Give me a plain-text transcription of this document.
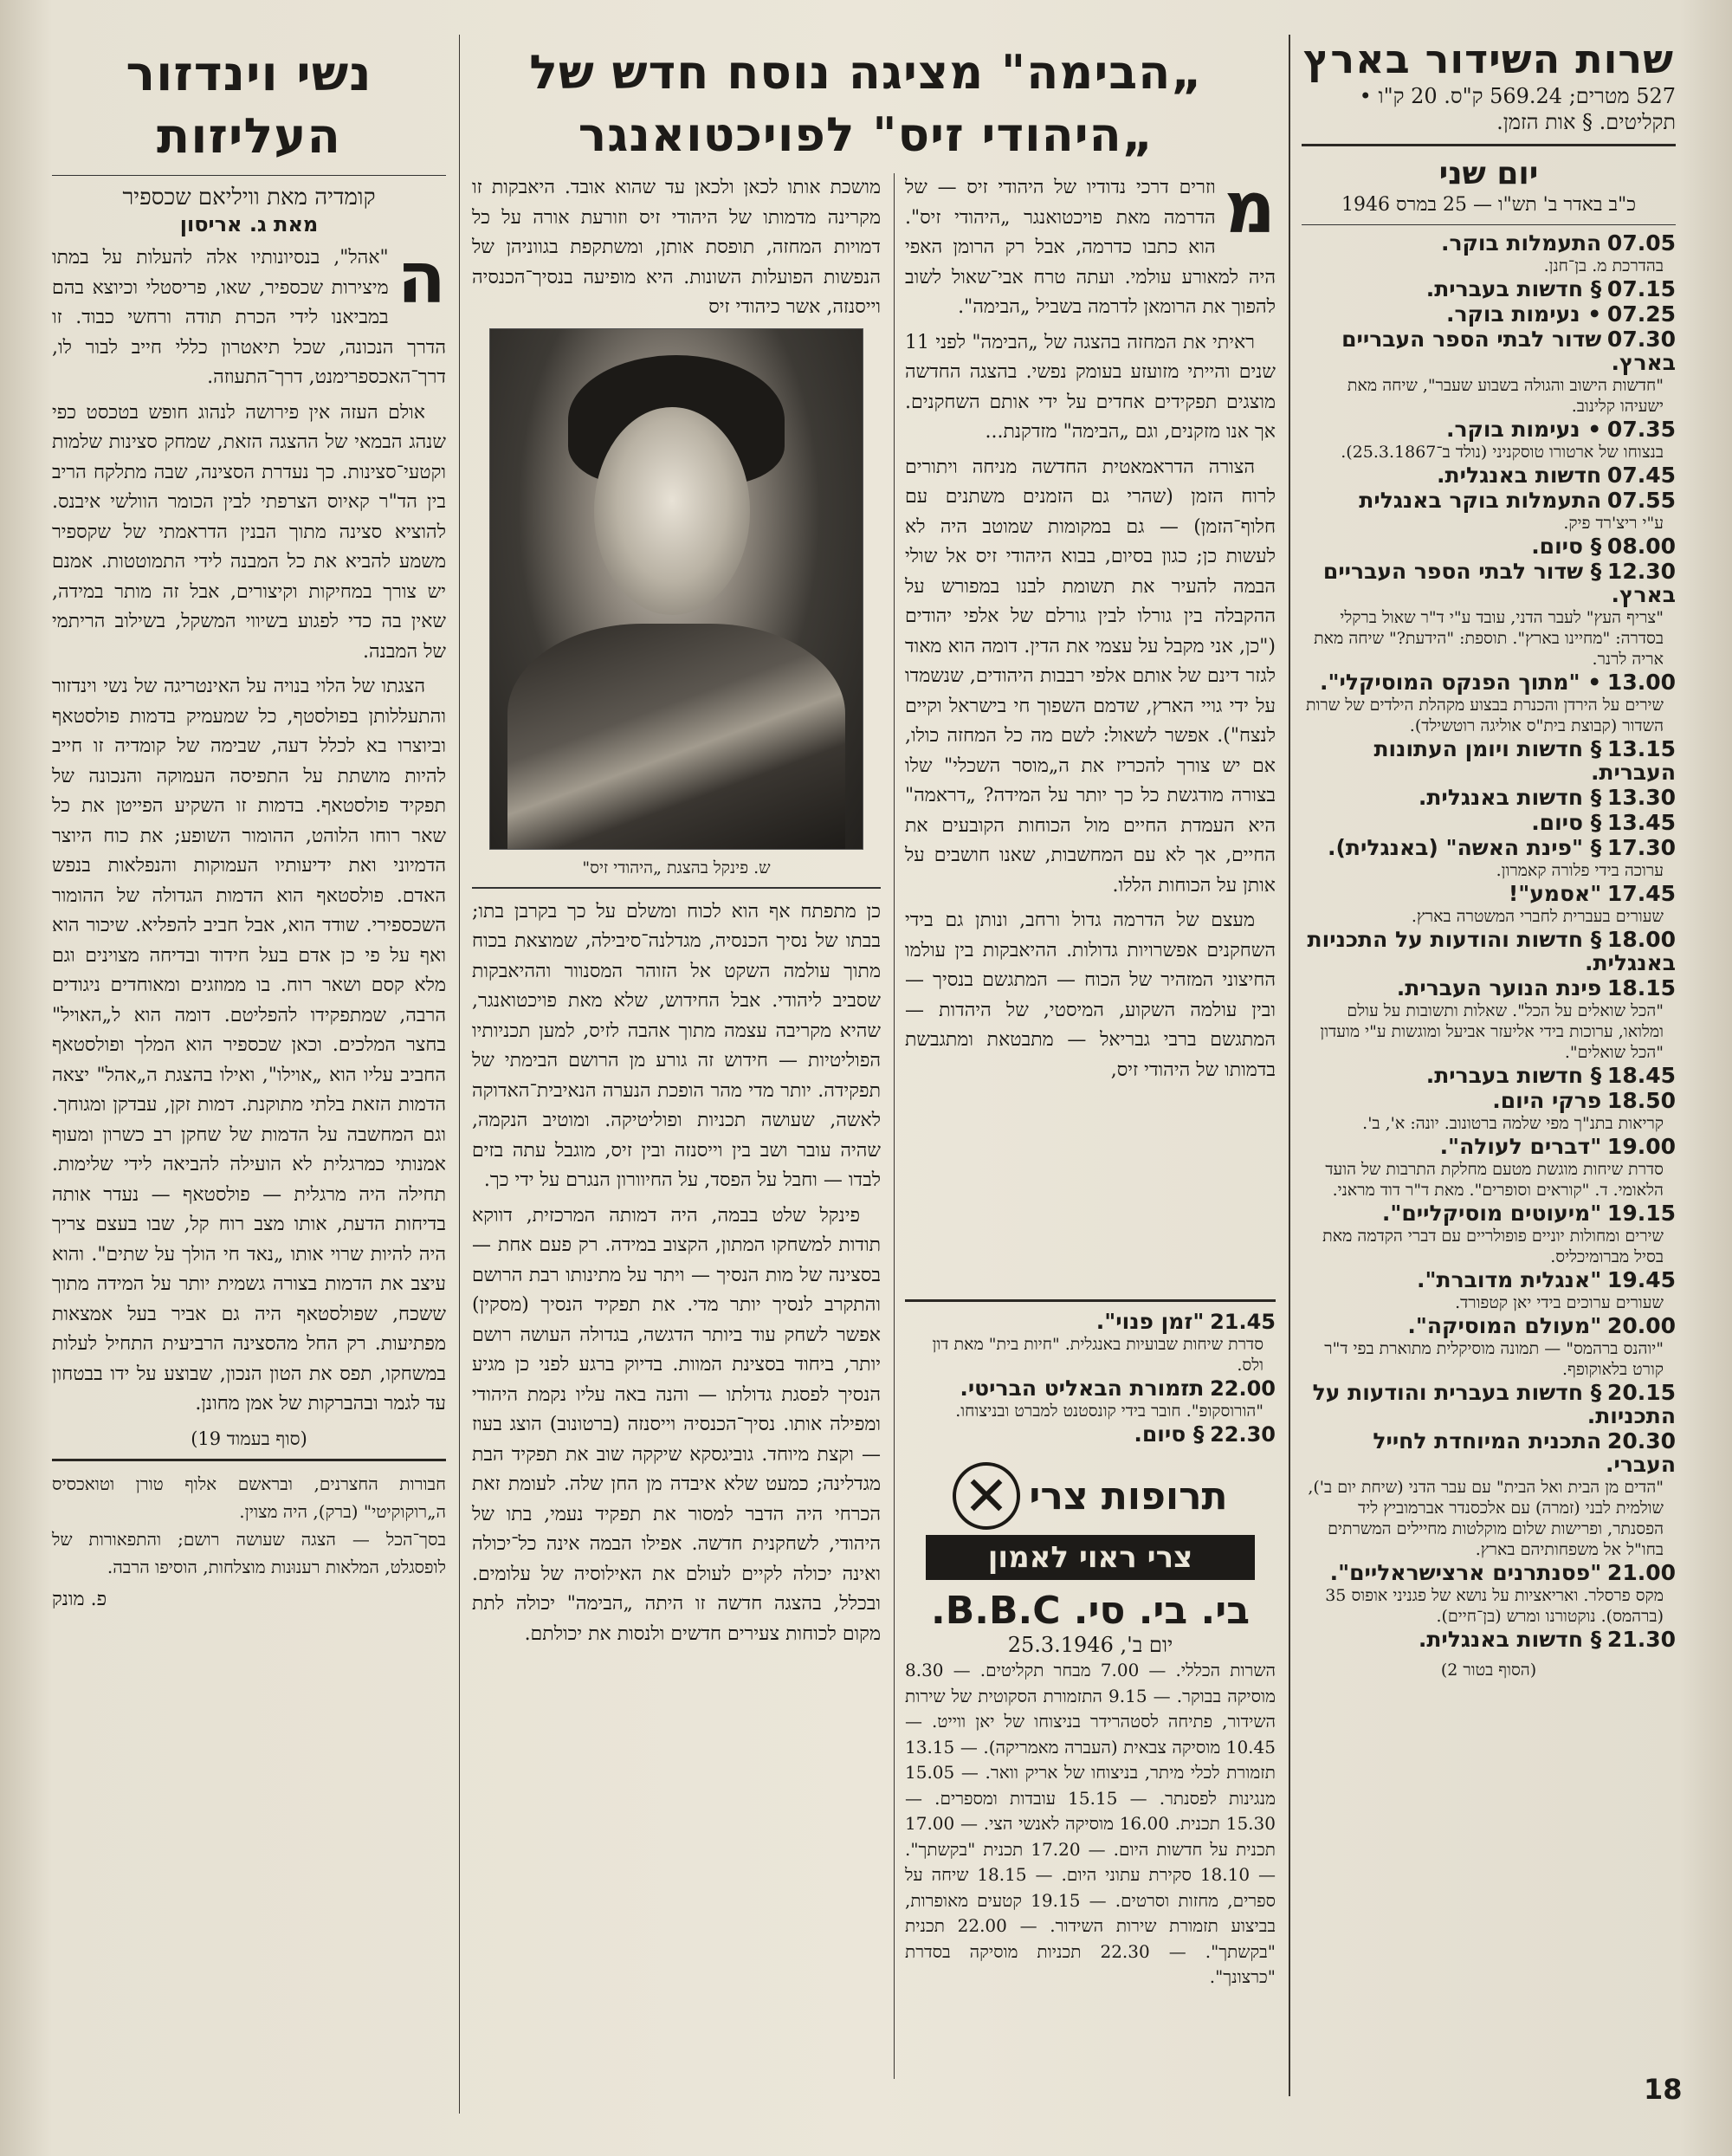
שרות השידור בארץ
527 מטרים; 569.24 ק"ס. 20 ק"ו • תקליטים. § אות הזמן.
יום שני
כ"ב באדר ב' תש"ו — 25 במרס 1946
07.05 התעמלות בוקר.
בהדרכת מ. בן־חנן.
07.15 § חדשות בעברית.
07.25 • נעימות בוקר.
07.30 שדור לבתי הספר העבריים בארץ.
"חדשות הישוב והגולה בשבוע שעבר", שיחה מאת ישעיהו קלינוב.
07.35 • נעימות בוקר.
בנצוחו של ארטורו טוסקניני (נולד ב־25.3.1867).
07.45 חדשות באנגלית.
07.55 התעמלות בוקר באנגלית
ע"י ריצ'רד פיק.
08.00 § סיום.
12.30 § שדור לבתי הספר העבריים בארץ.
"צריף העץ" לעבר הדני, עובד ע"י ד"ר שאול ברקלי בסדרה: "מחיינו בארץ". תוספת: "הידעת?" שיחה מאת אריה לרנר.
13.00 • "מתוך הפנקס המוסיקלי".
שירים על הירדן והכנרת בבצוע מקהלת הילדים של שרות השדור (קבוצת בית"ס אוליגה רוטשילד).
13.15 § חדשות ויומן העתונות העברית.
13.30 § חדשות באנגלית.
13.45 § סיום.
17.30 § "פינת האשה" (באנגלית).
ערוכה בידי פלורה קאמרון.
17.45 "אסמע"!
שעורים בעברית לחברי המשטרה בארץ.
18.00 § חדשות והודעות על התכניות באנגלית.
18.15 פינת הנוער העברית.
"הכל שואלים על הכל". שאלות ותשובות על עולם ומלואו, ערוכות בידי אליעזר אביעל ומוגשות ע"י מועדון "הכל שואלים".
18.45 § חדשות בעברית.
18.50 פרקי היום.
קריאות בתנ"ך מפי שלמה ברטונוב. יונה: א', ב'.
19.00 "דברים לעולה".
סדרת שיחות מוגשת מטעם מחלקת התרבות של הועד הלאומי. ד. "קוראים וסופרים". מאת ד"ר דוד מראני.
19.15 "מיעוטים מוסיקליים".
שירים ומחולות יוניים פופולריים עם דברי הקדמה מאת בסיל מברומיכליס.
19.45 "אנגלית מדוברת".
שעורים ערוכים בידי יאן קטפורד.
20.00 "מעולם המוסיקה".
"יוהנס ברהמס" — תמונה מוסיקלית מתוארת בפי ד"ר קורט בלאוקופף.
20.15 § חדשות בעברית והודעות על התכניות.
20.30 התכנית המיוחדת לחייל העברי.
"הדים מן הבית ואל הבית" עם עבר הדני (שיחת יום ב'), שולמית לבני (זמרה) עם אלכסנדר אברמוביץ ליד הפסנתר, ופרישות שלום מוקלטות מחיילים המשרתים בחו"ל אל משפחותיהם בארץ.
21.00 "פסנתרנים ארצישראליים".
מקס פרסלר. ואריאציות על נושא של פגניני אופוס 35 (ברהמס). נוקטורנו ומרש (בן־חיים).
21.30 § חדשות באנגלית.
(הסוף בטור 2)
„הבימה" מציגה נוסח חדש של
„היהודי זיס" לפויכטואנגר
מ

וזרים דרכי נדודיו של היהודי זיס — של הדרמה מאת פויכטואנגר „היהודי זיס". הוא כתבו כדרמה, אבל רק הרומן האפי היה למאורע עולמי. ועתה טרח אבי־שאול לשוב להפוך את הרומאן לדרמה בשביל „הבימה".

ראיתי את המחזה בהצגה של „הבימה" לפני 11 שנים והייתי מזועזע בעומק נפשי. בהצגה החדשה מוצגים תפקידים אחדים על ידי אותם השחקנים. אך אנו מזקנים, וגם „הבימה" מזדקנת...

הצורה הדראמאטית החדשה מניחה ויתורים לרוח הזמן (שהרי גם הזמנים משתנים עם חלוף־הזמן) — גם במקומות שמוטב היה לא לעשות כן; כגון בסיום, בבוא היהודי זיס אל שולי הבמה להעיר את תשומת לבנו במפורש על ההקבלה בין גורלו לבין גורלם של אלפי יהודים ("כן, אני מקבל על עצמי את הדין. דומה הוא מאוד לגזר דינם של אותם אלפי רבבות היהודים, שנשמדו על ידי גויי הארץ, שדמם השפוך חי בישראל וקיים לנצח"). אפשר לשאול: לשם מה כל המחזה כולו, אם יש צורך להכריז את ה„מוסר השכלי" שלו בצורה מודגשת כל כך יותר על המידה? „דראמה" היא העמדת החיים מול הכוחות הקובעים את החיים, אך לא עם המחשבות, שאנו חושבים על אותן על הכוחות הללו.

מעצם של הדרמה גדול ורחב, ונותן גם בידי השחקנים אפשרויות גדולות. ההיאבקות בין עולמו החיצוני המזהיר של הכוח — המתגשם בנסיך — ובין עולמה השקוע, המיסטי, של היהדות — המתגשם ברבי גבריאל — מתבטאת ומתגבשת בדמותו של היהודי זיס,

מושכת אותו לכאן ולכאן עד שהוא אובד. היאבקות זו מקרינה מדמותו של היהודי זיס וזורעת אורה על כל דמויות המחזה, תופסת אותן, ומשתקפת בגווניהן של הנפשות הפועלות השונות. היא מופיעה בנסיך־הכנסיה וייסנזה, אשר כיהודי זיס

ש. פינקל בהצגת „היהודי זיס"

כן מתפתח אף הוא לכוח ומשלם על כך בקרבן בתו; בבתו של נסיך הכנסיה, מגדלנה־סיבילה, שמוצאת בכוח מתוך עולמה השקט אל הזוהר המסנוור וההיאבקות שסביב ליהודי. אבל החידוש, שלא מאת פויכטואנגר, שהיא מקריבה עצמה מתוך אהבה לזיס, למען תכניותיו הפוליטיות — חידוש זה גורע מן הרושם הבימתי של תפקידה. יותר מדי מהר הופכת הנערה הנאיבית־האדוקה לאשה, שעושה תכניות ופוליטיקה. ומוטיב הנקמה, שהיה עובר ושב בין וייסנזה ובין זיס, מוגבל עתה בזים לבדו — וחבל על הפסד, על החיוורון הנגרם על ידי כך.

פינקל שלט בבמה, היה דמותה המרכזית, דווקא תודות למשחקו המתון, הקצוב במידה. רק פעם אחת — בסצינה של מות הנסיך — ויתר על מתינותו רבת הרושם והתקרב לנסיך יותר מדי. את תפקיד הנסיך (מסקין) אפשר לשחק עוד ביותר הדגשה, בגדולה העושה רושם יותר, ביחוד בסצינת המוות. בדיוק ברגע לפני כן מגיע הנסיך לפסגת גדולתו — והנה באה עליו נקמת היהודי ומפילה אותו. נסיך־הכנסיה וייסנזה (ברטונוב) הוצג בעוז — וקצת מיוחד. גוביגסקא שיקקה שוב את תפקיד הבת מגדלינה; כמעט שלא איבדה מן החן שלה. לעומת זאת הכרחי היה הדבר למסור את תפקיד נעמי, בתו של היהודי, לשחקנית חדשה. אפילו הבמה אינה כל־יכולה ואינה יכולה לקיים לעולם את האילוסיה של עלומים. ובכלל, בהצגה חדשה זו היתה „הבימה" יכולה לתת מקום לכוחות צעירים חדשים ולנסות את יכולתם.

21.45 "זמן פנוי".
סדרת שיחות שבועיות באנגלית. "חיות בית" מאת דון ולס.
22.00 תזמורת הבאליט הבריטי.
"הורוסקופ". חובר בידי קונסטנט למברט ובניצוחו.
22.30 § סיום.
תרופות צרי
צרי ראוי לאמון
בי. בי. סי. B.B.C.
יום ב', 25.3.1946
השרות הכללי. — 7.00 מבחר תקליטים. — 8.30 מוסיקה בבוקר. — 9.15 התזמורת הסקוטית של שירות השידור, פתיחה לסטהרידר בניצוחו של יאן ווייט. — 10.45 מוסיקה צבאית (העברה מאמריקה). — 13.15 תזמורת לכלי מיתר, בניצוחו של אריק וואר. — 15.05 מנגינות לפסנתר. — 15.15 עובדות ומספרים. — 15.30 תכנית. 16.00 מוסיקה לאנשי הצי. — 17.00 תכנית על חדשות היום. — 17.20 תכנית "בקשתך". — 18.10 סקירת עתוני היום. — 18.15 שיחה על ספרים, מחזות וסרטים. — 19.15 קטעים מאופרות, בביצוע תזמורת שירות השידור. — 22.00 תכנית "בקשתך". — 22.30 תכניות מוסיקה בסדרת "כרצונך".
נשי וינדזור
העליזות
קומדיה מאת וויליאם שכספיר
מאת ג. אריסון
ה

"אהל", בנסיונותיו אלה להעלות על במתו מיצירות שכספיר, שאו, פריסטלי וכיוצא בהם במביאנו לידי הכרת תודה ורחשי כבוד. זו הדרך הנכונה, שכל תיאטרון כללי חייב לבור לו, דרך־האכספרימנט, דרך־התעוזה.

אולם העזה אין פירושה לנהוג חופש בטכסט כפי שנהג הבמאי של ההצגה הזאת, שמחק סצינות שלמות וקטעי־סצינות. כך נעדרת הסצינה, שבה מתלקח הריב בין הד"ר קאיוס הצרפתי לבין הכומר הוולשי איבנס. להוציא סצינה מתוך הבנין הדראמתי של שקספיר משמע להביא את כל המבנה לידי התמוטטות. אמנם יש צורך במחיקות וקיצורים, אבל זה מותר במידה, שאין בה כדי לפגוע בשיווי המשקל, בשילוב הריתמי של המבנה.

הצגתו של הלוי בנויה על האינטריגה של נשי וינדזור והתעללותן בפולסטף, כל שמעמיק בדמות פולסטאף וביוצרו בא לכלל דעה, שבימה של קומדיה זו חייב להיות מושתת על התפיסה העמוקה והנכונה של תפקיד פולסטאף. בדמות זו השקיע הפייטן את כל שאר רוחו הלוהט, ההומור השופע; את כוח היוצר הדמיוני ואת ידיעותיו העמוקות והנפלאות בנפש האדם. פולסטאף הוא הדמות הגדולה של ההומור השכספירי. שודד הוא, אבל חביב להפליא. שיכור הוא ואף על פי כן אדם בעל חידוד ובדיחה מצוינים וגם מלא קסם ושאר רוח. בו ממוזגים ומאוחדים ניגודים הרבה, שמתפקידו להפליטם. דומה הוא ל„האויל" בחצר המלכים. וכאן שכספיר הוא המלך ופולסטאף החביב עליו הוא „אוילו", ואילו בהצגת ה„אהל" יצאה הדמות הזאת בלתי מתוקנת. דמות זקן, עבדקן ומגוחך. וגם המחשבה על הדמות של שחקן רב כשרון ומעוף אמנותי כמרגלית לא הועילה להביאה לידי שלימות. תחילה היה מרגלית — פולסטאף — נעדר אותה בדיחות הדעת, אותו מצב רוח קל, שבו בעצם צריך היה להיות שרוי אותו „נאד חי הולך על שתים". והוא עיצב את הדמות בצורה גשמית יותר על המידה מתוך ששכח, שפולסטאף היה גם אביר בעל אמצאות מפתיעות. רק החל מהסצינה הרביעית התחיל לעלות במשחקו, תפס את הטון הנכון, שבוצע על ידו בבטחון עד לגמר ובהברקות של אמן מחונן.

(סוף בעמוד 19)
חבורות החצרנים, ובראשם אלוף טורן וטואכסיס ה„רוקוקיטי" (ברק), היה מצוין.
בסך־הכל — הצגה שעושה רושם; והתפאורות של לופסגלט, המלאות רענוּנות מוצלחות, הוסיפו הרבה.
פ. מונק
18
